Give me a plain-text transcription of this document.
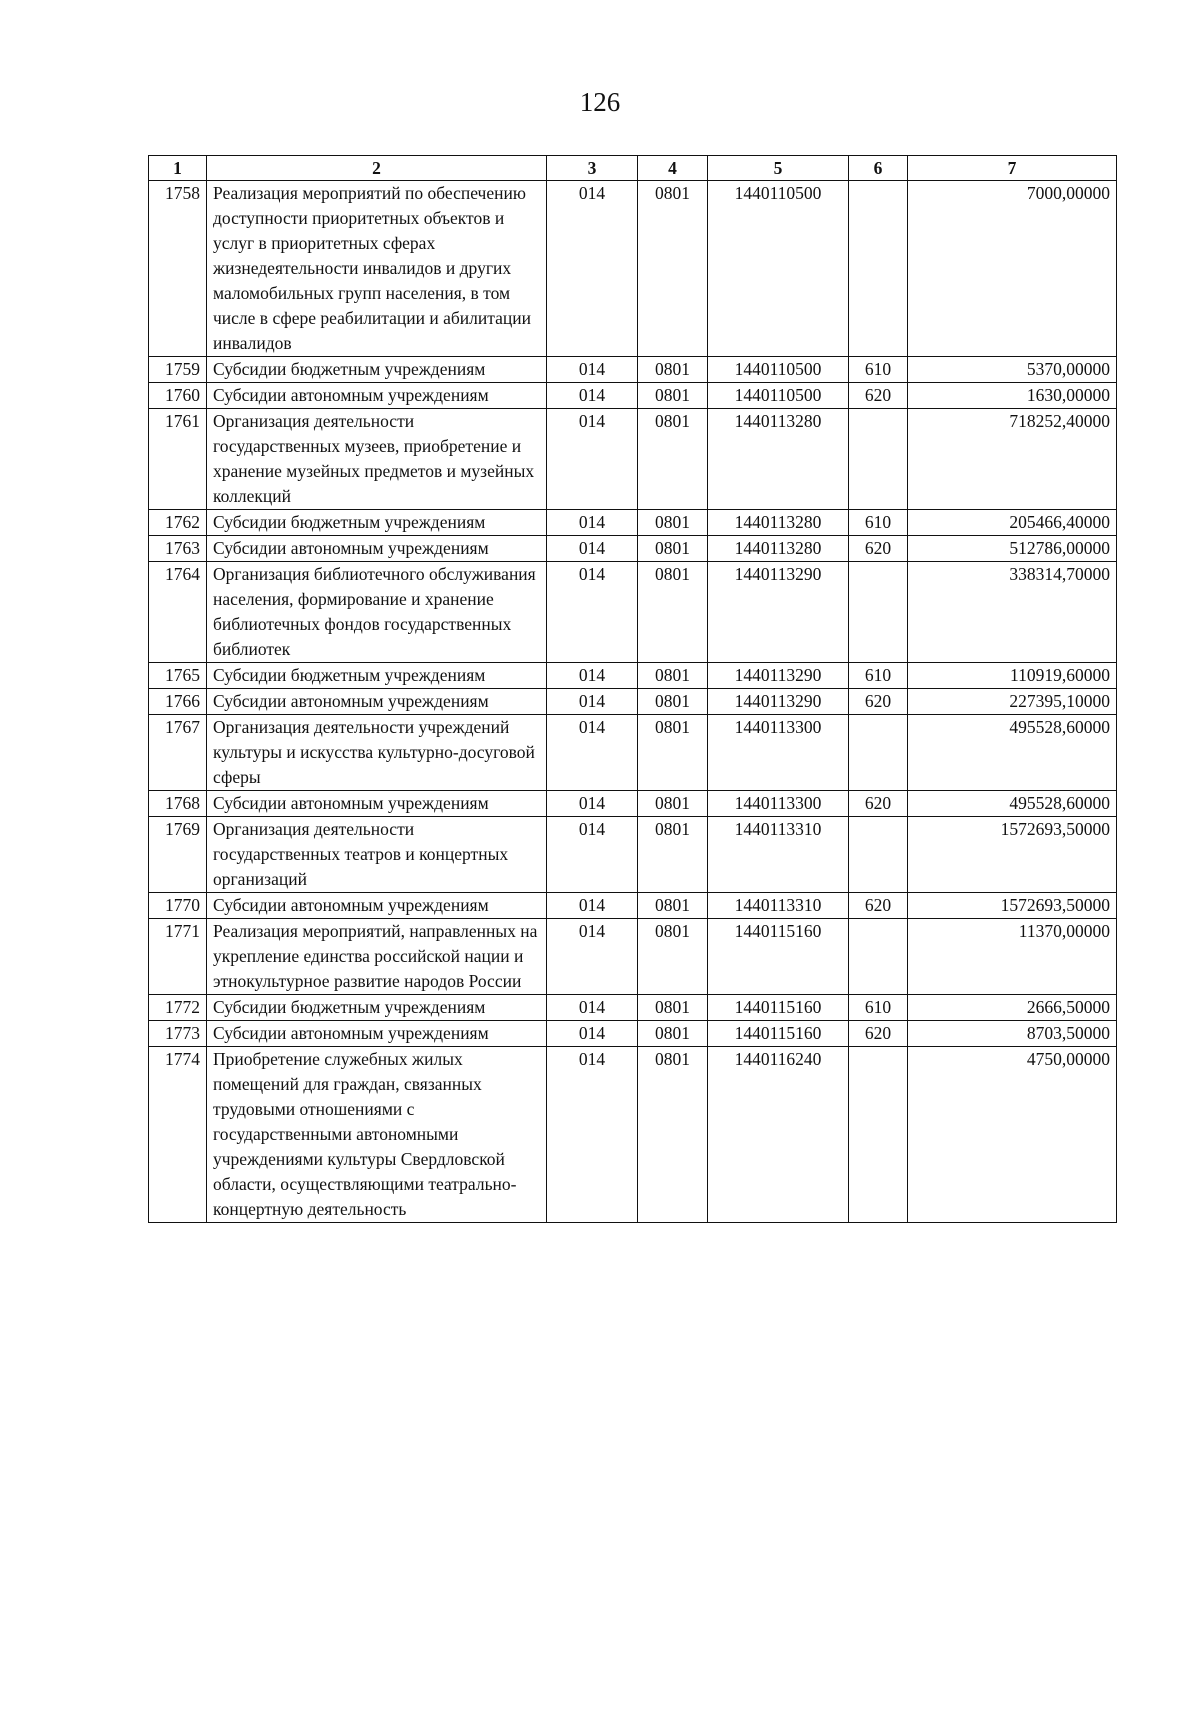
126
1	2	3	4	5	6	7
1758	Реализация мероприятий по обеспечению доступности приоритетных объектов и услуг в приоритетных сферах жизнедеятельности инвалидов и других маломобильных групп населения, в том числе в сфере реабилитации и абилитации инвалидов	014	0801	1440110500		7000,00000
1759	Субсидии бюджетным учреждениям	014	0801	1440110500	610	5370,00000
1760	Субсидии автономным учреждениям	014	0801	1440110500	620	1630,00000
1761	Организация деятельности государственных музеев, приобретение и хранение музейных предметов и музейных коллекций	014	0801	1440113280		718252,40000
1762	Субсидии бюджетным учреждениям	014	0801	1440113280	610	205466,40000
1763	Субсидии автономным учреждениям	014	0801	1440113280	620	512786,00000
1764	Организация библиотечного обслуживания населения, формирование и хранение библиотечных фондов государственных библиотек	014	0801	1440113290		338314,70000
1765	Субсидии бюджетным учреждениям	014	0801	1440113290	610	110919,60000
1766	Субсидии автономным учреждениям	014	0801	1440113290	620	227395,10000
1767	Организация деятельности учреждений культуры и искусства культурно-досуговой сферы	014	0801	1440113300		495528,60000
1768	Субсидии автономным учреждениям	014	0801	1440113300	620	495528,60000
1769	Организация деятельности государственных театров и концертных организаций	014	0801	1440113310		1572693,50000
1770	Субсидии автономным учреждениям	014	0801	1440113310	620	1572693,50000
1771	Реализация мероприятий, направленных на укрепление единства российской нации и этнокультурное развитие народов России	014	0801	1440115160		11370,00000
1772	Субсидии бюджетным учреждениям	014	0801	1440115160	610	2666,50000
1773	Субсидии автономным учреждениям	014	0801	1440115160	620	8703,50000
1774	Приобретение служебных жилых помещений для граждан, связанных трудовыми отношениями с государственными автономными учреждениями культуры Свердловской области, осуществляющими театрально-концертную деятельность	014	0801	1440116240		4750,00000
